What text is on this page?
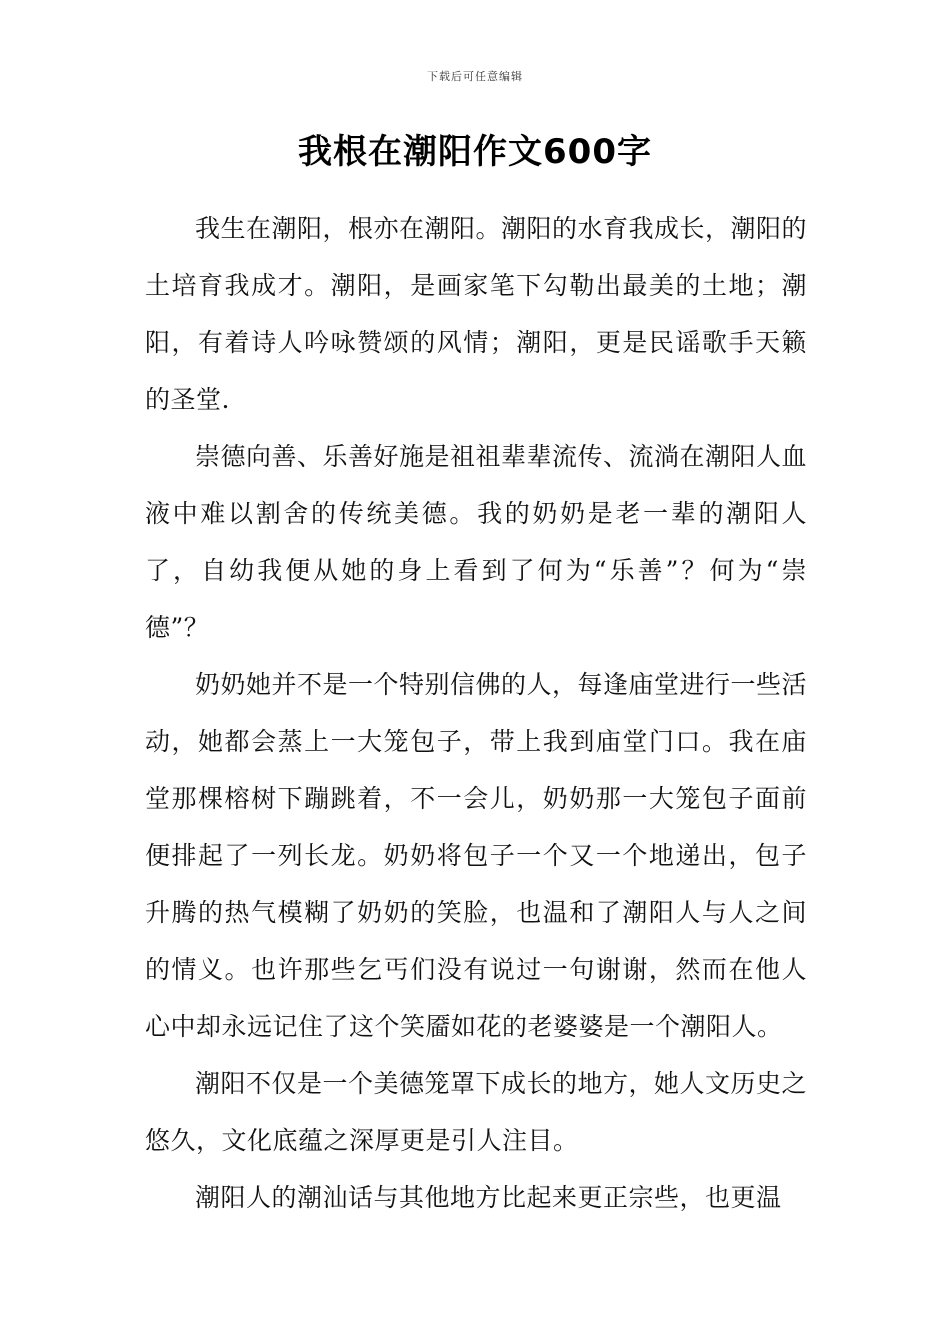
下载后可任意编辑
我根在潮阳作文600字

我生在潮阳，根亦在潮阳。潮阳的水育我成长，潮阳的土培育我成才。潮阳，是画家笔下勾勒出最美的土地；潮阳，有着诗人吟咏赞颂的风情；潮阳，更是民谣歌手天籁的圣堂.

崇德向善、乐善好施是祖祖辈辈流传、流淌在潮阳人血液中难以割舍的传统美德。我的奶奶是老一辈的潮阳人了，自幼我便从她的身上看到了何为“乐善”？何为“崇德”？

奶奶她并不是一个特别信佛的人，每逢庙堂进行一些活动，她都会蒸上一大笼包子，带上我到庙堂门口。我在庙堂那棵榕树下蹦跳着，不一会儿，奶奶那一大笼包子面前便排起了一列长龙。奶奶将包子一个又一个地递出，包子升腾的热气模糊了奶奶的笑脸，也温和了潮阳人与人之间的情义。也许那些乞丐们没有说过一句谢谢，然而在他人心中却永远记住了这个笑靥如花的老婆婆是一个潮阳人。

潮阳不仅是一个美德笼罩下成长的地方，她人文历史之悠久，文化底蕴之深厚更是引人注目。

潮阳人的潮汕话与其他地方比起来更正宗些，也更温
